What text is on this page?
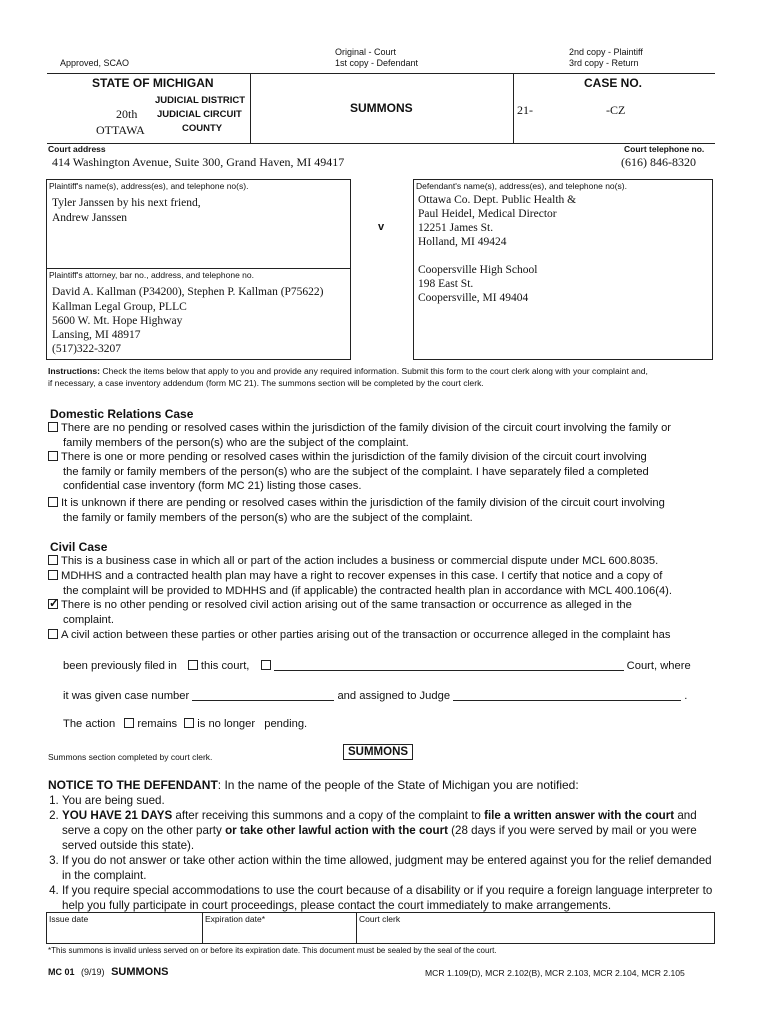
Approved, SCAO
Original - Court
1st copy - Defendant
2nd copy - Plaintiff
3rd copy - Return
STATE OF MICHIGAN
JUDICIAL DISTRICT
20th JUDICIAL CIRCUIT
OTTAWA	COUNTY
SUMMONS
CASE NO.
21-	-CZ
Court address
414 Washington Avenue, Suite 300, Grand Haven, MI 49417
Court telephone no.
(616) 846-8320
Plaintiff's name(s), address(es), and telephone no(s).
Tyler Janssen by his next friend,
Andrew Janssen
Plaintiff's attorney, bar no., address, and telephone no.
David A. Kallman (P34200), Stephen P. Kallman (P75622)
Kallman Legal Group, PLLC
5600 W. Mt. Hope Highway
Lansing, MI 48917
(517)322-3207
v
Defendant's name(s), address(es), and telephone no(s).
Ottawa Co. Dept. Public Health &
Paul Heidel, Medical Director
12251 James St.
Holland, MI 49424
Coopersville High School
198 East St.
Coopersville, MI 49404
Instructions: Check the items below that apply to you and provide any required information. Submit this form to the court clerk along with your complaint and,
if necessary, a case inventory addendum (form MC 21). The summons section will be completed by the court clerk.
Domestic Relations Case
There are no pending or resolved cases within the jurisdiction of the family division of the circuit court involving the family or
family members of the person(s) who are the subject of the complaint.
There is one or more pending or resolved cases within the jurisdiction of the family division of the circuit court involving
the family or family members of the person(s) who are the subject of the complaint. I have separately filed a completed
confidential case inventory (form MC 21) listing those cases.
It is unknown if there are pending or resolved cases within the jurisdiction of the family division of the circuit court involving
the family or family members of the person(s) who are the subject of the complaint.
Civil Case
This is a business case in which all or part of the action includes a business or commercial dispute under MCL 600.8035.
MDHHS and a contracted health plan may have a right to recover expenses in this case. I certify that notice and a copy of
the complaint will be provided to MDHHS and (if applicable) the contracted health plan in accordance with MCL 400.106(4).
✓There is no other pending or resolved civil action arising out of the same transaction or occurrence as alleged in the
complaint.
A civil action between these parties or other parties arising out of the transaction or occurrence alleged in the complaint has
been previously filed in this court,	Court, where
it was given case number	and assigned to Judge	.
The action remains is no longer pending.
Summons section completed by court clerk.	SUMMONS
NOTICE TO THE DEFENDANT: In the name of the people of the State of Michigan you are notified:
1. You are being sued.
2. YOU HAVE 21 DAYS after receiving this summons and a copy of the complaint to file a written answer with the court and serve a copy on the other party or take other lawful action with the court (28 days if you were served by mail or you were served outside this state).
3. If you do not answer or take other action within the time allowed, judgment may be entered against you for the relief demanded in the complaint.
4. If you require special accommodations to use the court because of a disability or if you require a foreign language interpreter to help you fully participate in court proceedings, please contact the court immediately to make arrangements.
Issue date	Expiration date*	Court clerk
*This summons is invalid unless served on or before its expiration date. This document must be sealed by the seal of the court.
MC 01 (9/19) SUMMONS	MCR 1.109(D), MCR 2.102(B), MCR 2.103, MCR 2.104, MCR 2.105
